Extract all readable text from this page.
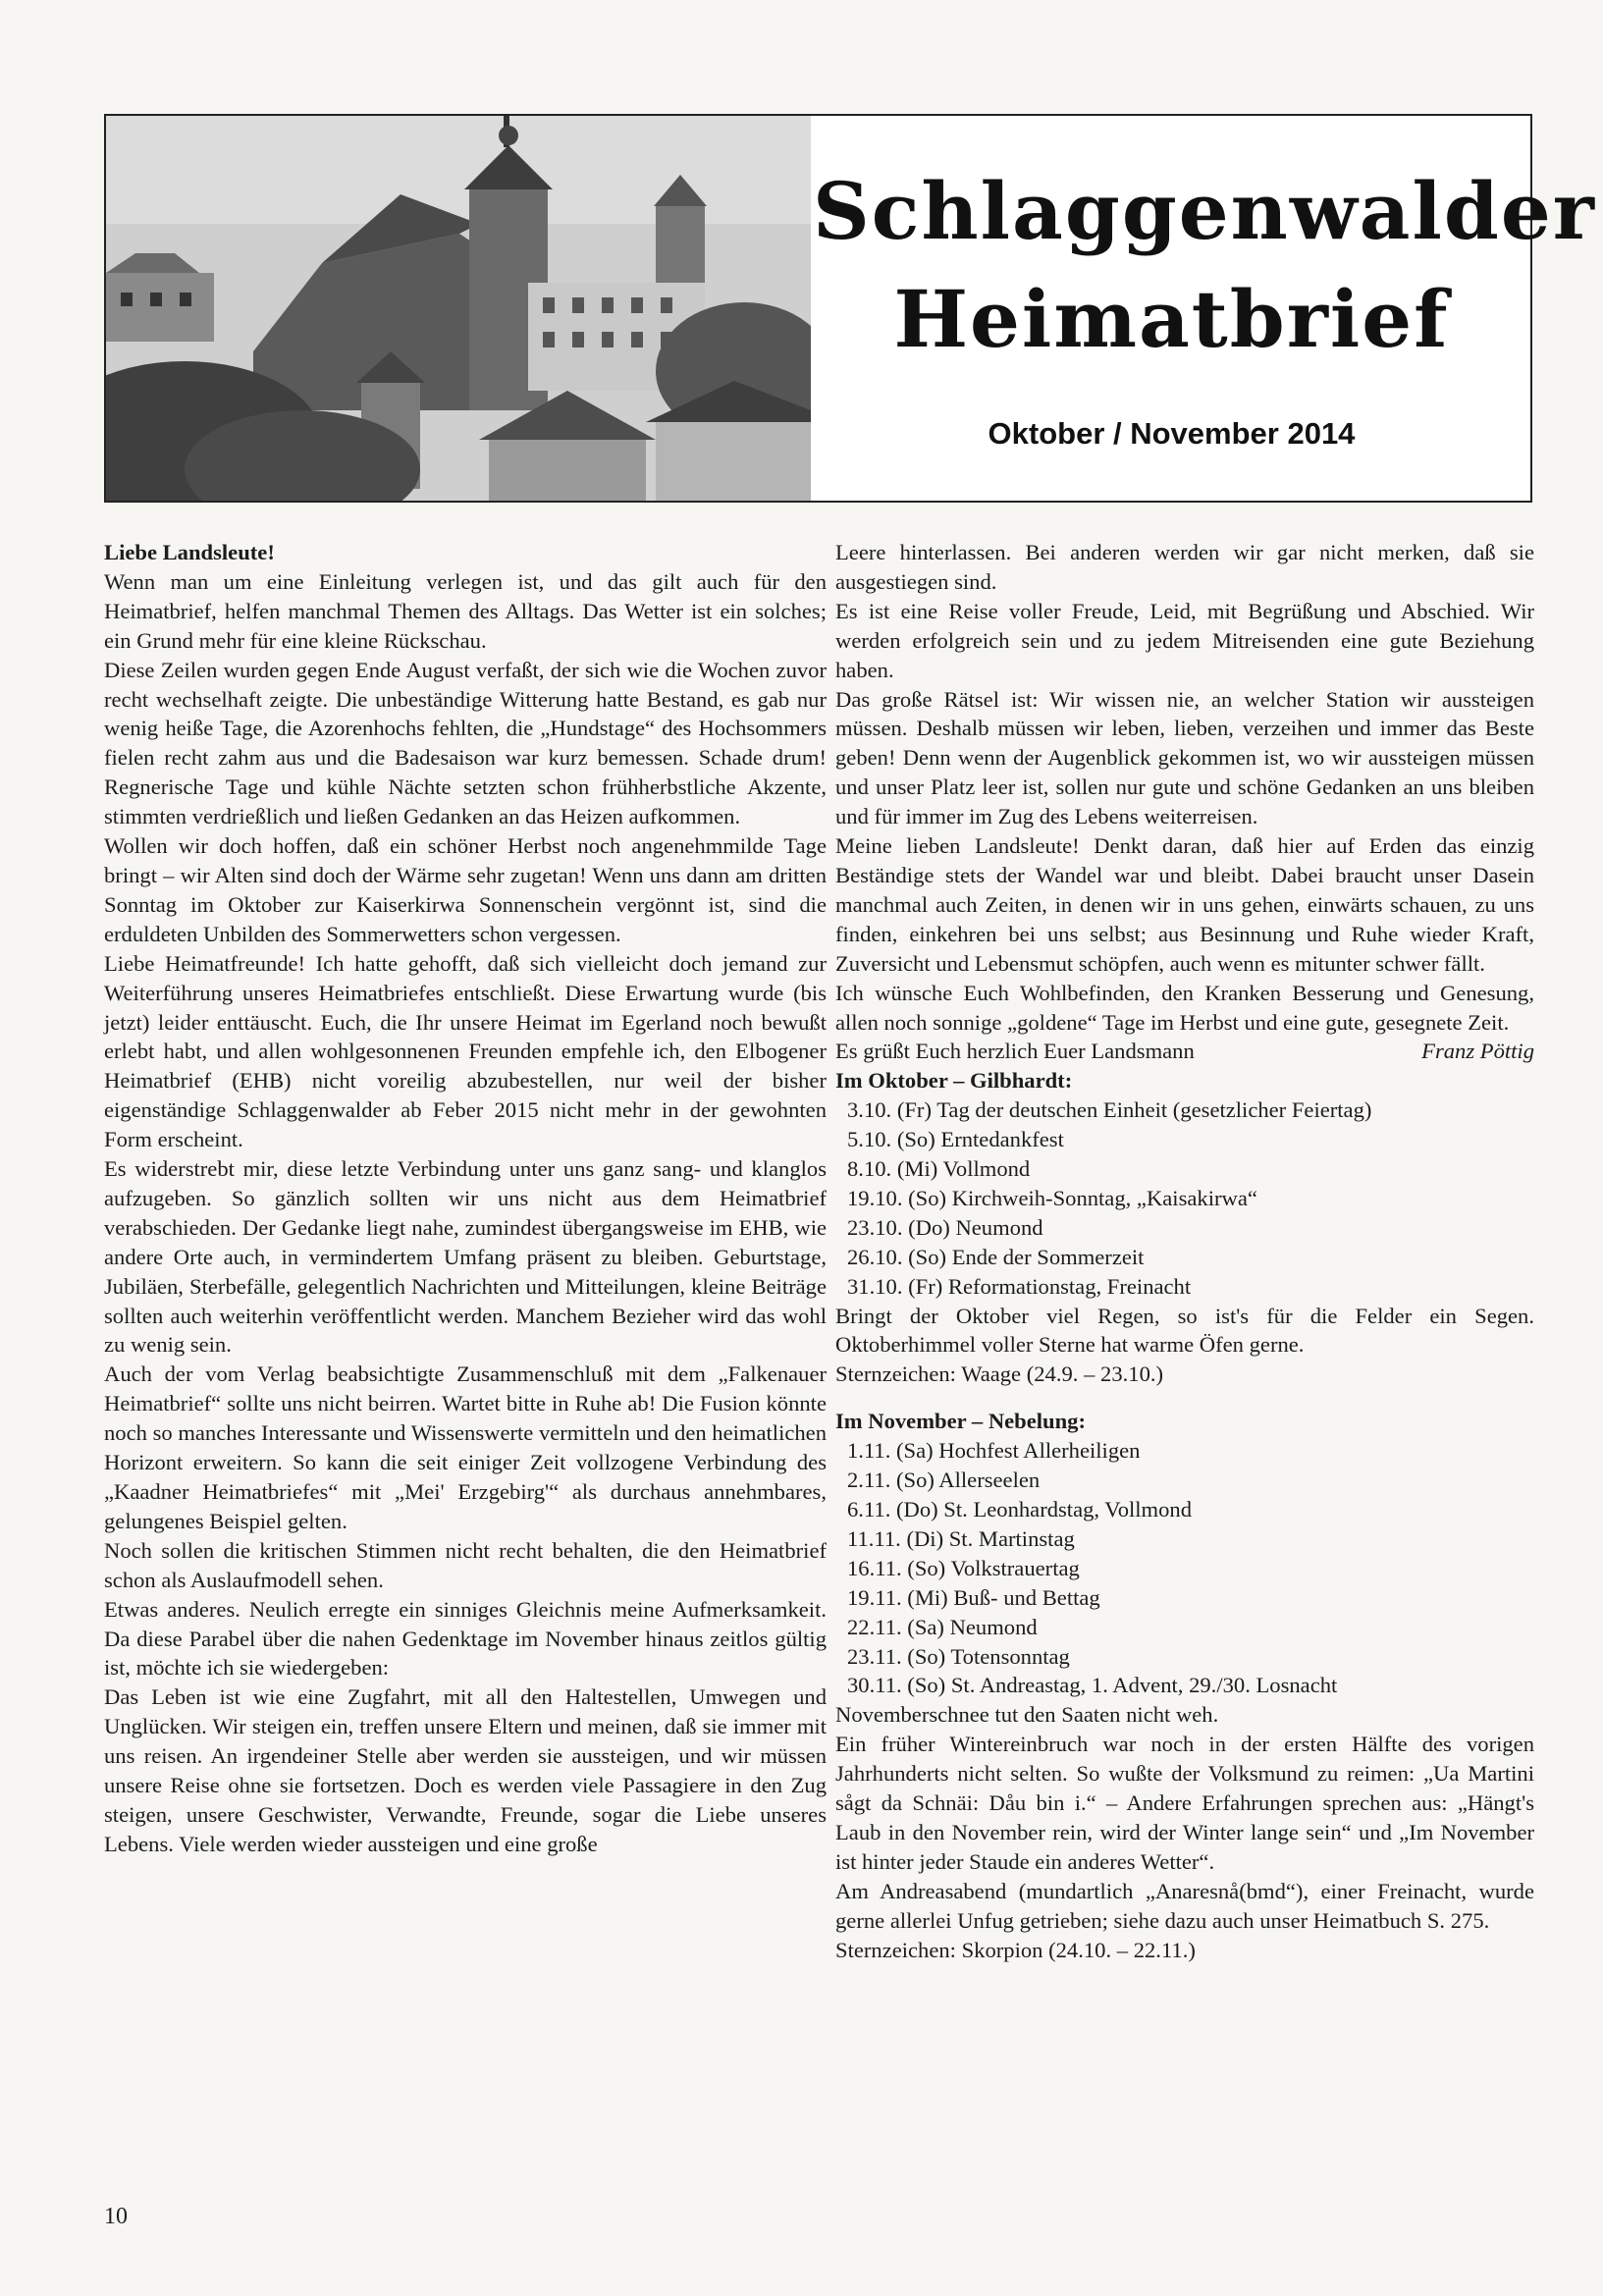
Schlaggenwalder
Heimatbrief
Oktober / November 2014

Liebe Landsleute!

Wenn man um eine Einleitung verlegen ist, und das gilt auch für den Heimatbrief, helfen manchmal Themen des Alltags. Das Wetter ist ein solches; ein Grund mehr für eine kleine Rückschau.

Diese Zeilen wurden gegen Ende August verfaßt, der sich wie die Wochen zuvor recht wechselhaft zeigte. Die unbeständige Witterung hatte Bestand, es gab nur wenig heiße Tage, die Azorenhochs fehlten, die „Hundstage“ des Hochsommers fielen recht zahm aus und die Badesaison war kurz bemessen. Schade drum! Regnerische Tage und kühle Nächte setzten schon frühherbstliche Akzente, stimmten verdrießlich und ließen Gedanken an das Heizen aufkommen.

Wollen wir doch hoffen, daß ein schöner Herbst noch angenehmmilde Tage bringt – wir Alten sind doch der Wärme sehr zugetan! Wenn uns dann am dritten Sonntag im Oktober zur Kaiserkirwa Sonnenschein vergönnt ist, sind die erduldeten Unbilden des Sommerwetters schon vergessen.

Liebe Heimatfreunde! Ich hatte gehofft, daß sich vielleicht doch jemand zur Weiterführung unseres Heimatbriefes entschließt. Diese Erwartung wurde (bis jetzt) leider enttäuscht. Euch, die Ihr unsere Heimat im Egerland noch bewußt erlebt habt, und allen wohlgesonnenen Freunden empfehle ich, den Elbogener Heimatbrief (EHB) nicht voreilig abzubestellen, nur weil der bisher eigenständige Schlaggenwalder ab Feber 2015 nicht mehr in der gewohnten Form erscheint.

Es widerstrebt mir, diese letzte Verbindung unter uns ganz sang- und klanglos aufzugeben. So gänzlich sollten wir uns nicht aus dem Heimatbrief verabschieden. Der Gedanke liegt nahe, zumindest übergangsweise im EHB, wie andere Orte auch, in vermindertem Umfang präsent zu bleiben. Geburtstage, Jubiläen, Sterbefälle, gelegentlich Nachrichten und Mitteilungen, kleine Beiträge sollten auch weiterhin veröffentlicht werden. Manchem Bezieher wird das wohl zu wenig sein.

Auch der vom Verlag beabsichtigte Zusammenschluß mit dem „Falkenauer Heimatbrief“ sollte uns nicht beirren. Wartet bitte in Ruhe ab! Die Fusion könnte noch so manches Interessante und Wissenswerte vermitteln und den heimatlichen Horizont erweitern. So kann die seit einiger Zeit vollzogene Verbindung des „Kaadner Heimatbriefes“ mit „Mei' Erzgebirg'“ als durchaus annehmbares, gelungenes Beispiel gelten.

Noch sollen die kritischen Stimmen nicht recht behalten, die den Heimatbrief schon als Auslaufmodell sehen.

Etwas anderes. Neulich erregte ein sinniges Gleichnis meine Aufmerksamkeit. Da diese Parabel über die nahen Gedenktage im November hinaus zeitlos gültig ist, möchte ich sie wiedergeben:

Das Leben ist wie eine Zugfahrt, mit all den Haltestellen, Umwegen und Unglücken. Wir steigen ein, treffen unsere Eltern und meinen, daß sie immer mit uns reisen. An irgendeiner Stelle aber werden sie aussteigen, und wir müssen unsere Reise ohne sie fortsetzen. Doch es werden viele Passagiere in den Zug steigen, unsere Geschwister, Verwandte, Freunde, sogar die Liebe unseres Lebens. Viele werden wieder aussteigen und eine große

Leere hinterlassen. Bei anderen werden wir gar nicht merken, daß sie ausgestiegen sind.

Es ist eine Reise voller Freude, Leid, mit Begrüßung und Abschied. Wir werden erfolgreich sein und zu jedem Mitreisenden eine gute Beziehung haben.

Das große Rätsel ist: Wir wissen nie, an welcher Station wir aussteigen müssen. Deshalb müssen wir leben, lieben, verzeihen und immer das Beste geben! Denn wenn der Augenblick gekommen ist, wo wir aussteigen müssen und unser Platz leer ist, sollen nur gute und schöne Gedanken an uns bleiben und für immer im Zug des Lebens weiterreisen.

Meine lieben Landsleute! Denkt daran, daß hier auf Erden das einzig Beständige stets der Wandel war und bleibt. Dabei braucht unser Dasein manchmal auch Zeiten, in denen wir in uns gehen, einwärts schauen, zu uns finden, einkehren bei uns selbst; aus Besinnung und Ruhe wieder Kraft, Zuversicht und Lebensmut schöpfen, auch wenn es mitunter schwer fällt.

Ich wünsche Euch Wohlbefinden, den Kranken Besserung und Genesung, allen noch sonnige „goldene“ Tage im Herbst und eine gute, gesegnete Zeit.

Es grüßt Euch herzlich Euer Landsmann	Franz Pöttig

Im Oktober – Gilbhardt:

3.10. (Fr) Tag der deutschen Einheit (gesetzlicher Feiertag)
5.10. (So) Erntedankfest
8.10. (Mi) Vollmond
19.10. (So) Kirchweih-Sonntag, „Kaisakirwa“
23.10. (Do) Neumond
26.10. (So) Ende der Sommerzeit
31.10. (Fr) Reformationstag, Freinacht

Bringt der Oktober viel Regen, so ist's für die Felder ein Segen. Oktoberhimmel voller Sterne hat warme Öfen gerne.

Sternzeichen: Waage (24.9. – 23.10.)

Im November – Nebelung:

1.11. (Sa) Hochfest Allerheiligen
2.11. (So) Allerseelen
6.11. (Do) St. Leonhardstag, Vollmond
11.11. (Di) St. Martinstag
16.11. (So) Volkstrauertag
19.11. (Mi) Buß- und Bettag
22.11. (Sa) Neumond
23.11. (So) Totensonntag
30.11. (So) St. Andreastag, 1. Advent, 29./30. Losnacht

Novemberschnee tut den Saaten nicht weh.

Ein früher Wintereinbruch war noch in der ersten Hälfte des vorigen Jahrhunderts nicht selten. So wußte der Volksmund zu reimen: „Ua Martini sågt da Schnäi: Dåu bin i.“ – Andere Erfahrungen sprechen aus: „Hängt's Laub in den November rein, wird der Winter lange sein“ und „Im November ist hinter jeder Staude ein anderes Wetter“.

Am Andreasabend (mundartlich „Anaresnå(bmd“), einer Freinacht, wurde gerne allerlei Unfug getrieben; siehe dazu auch unser Heimatbuch S. 275.

Sternzeichen: Skorpion (24.10. – 22.11.)

10
